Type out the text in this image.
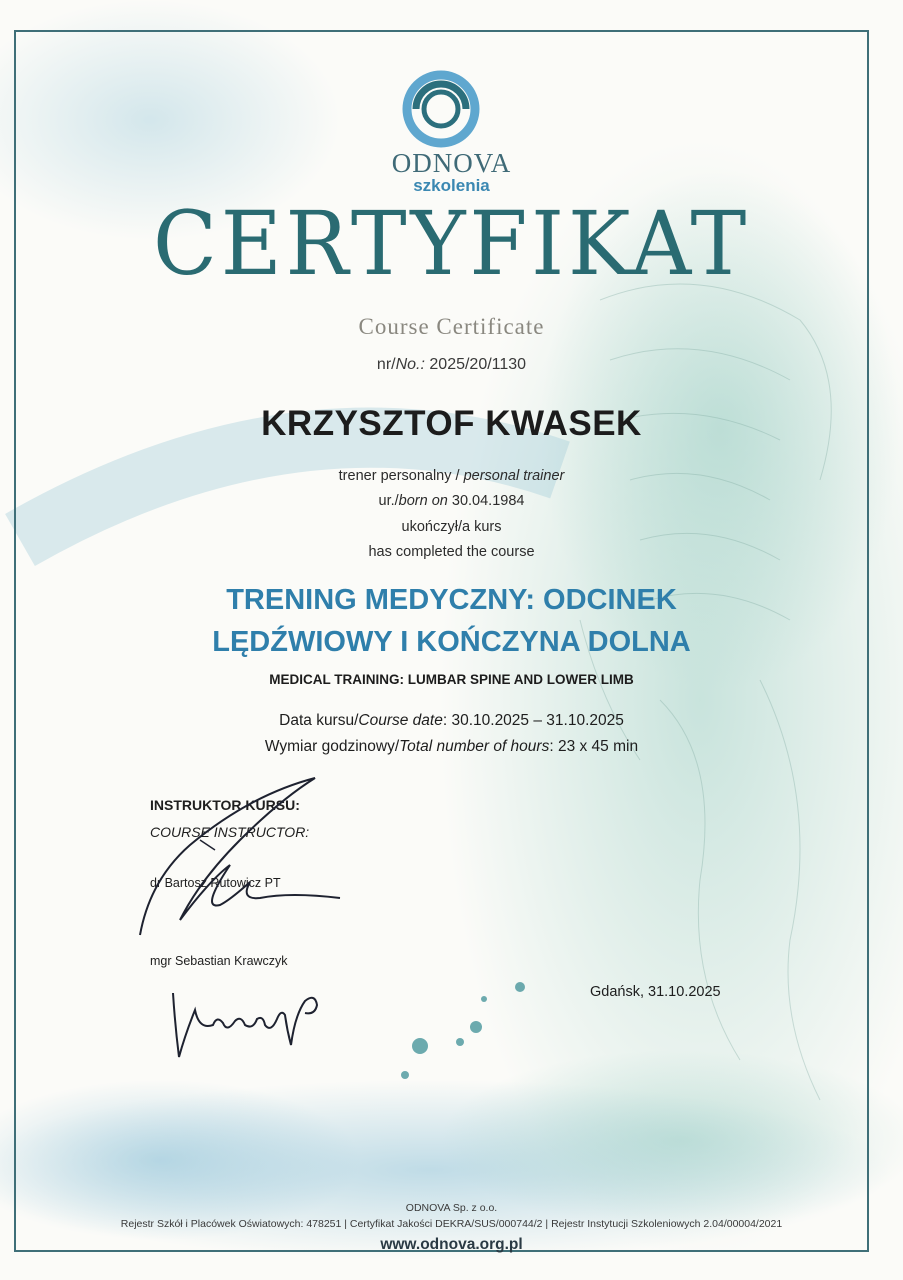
ODNOVA
szkolenia
CERTYFIKAT
Course Certificate
nr/No.: 2025/20/1130
KRZYSZTOF KWASEK
trener personalny / personal trainer
ur./born on 30.04.1984
ukończył/a kurs
has completed the course
TRENING MEDYCZNY: ODCINEK
LĘDŹWIOWY I KOŃCZYNA DOLNA
MEDICAL TRAINING: LUMBAR SPINE AND LOWER LIMB
Data kursu/Course date: 30.10.2025 – 31.10.2025
Wymiar godzinowy/Total number of hours: 23 x 45 min
INSTRUKTOR KURSU:
COURSE INSTRUCTOR:
dr Bartosz Rutowicz PT
mgr Sebastian Krawczyk
Gdańsk, 31.10.2025
ODNOVA Sp. z o.o.
Rejestr Szkół i Placówek Oświatowych: 478251 | Certyfikat Jakości DEKRA/SUS/000744/2 | Rejestr Instytucji Szkoleniowych 2.04/00004/2021
www.odnova.org.pl
